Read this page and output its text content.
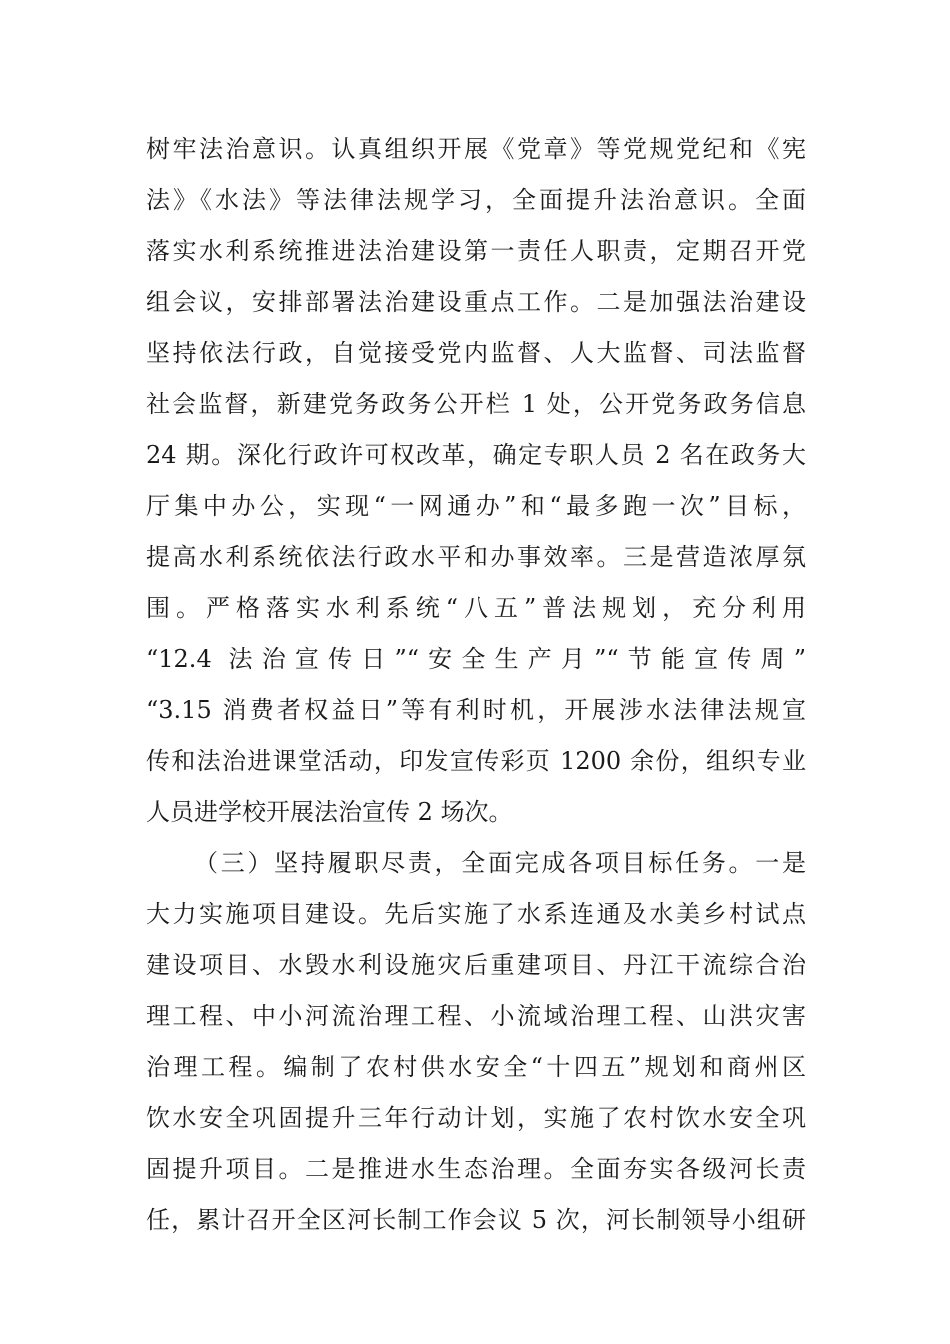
树牢法治意识。认真组织开展《党章》等党规党纪和《宪
法》《水法》等法律法规学习，全面提升法治意识。全面
落实水利系统推进法治建设第一责任人职责，定期召开党
组会议，安排部署法治建设重点工作。二是加强法治建设
坚持依法行政，自觉接受党内监督、人大监督、司法监督
社会监督，新建党务政务公开栏 1 处，公开党务政务信息
24 期。深化行政许可权改革，确定专职人员 2 名在政务大
厅集中办公，实现“一网通办”和“最多跑一次”目标，
提高水利系统依法行政水平和办事效率。三是营造浓厚氛
围。严格落实水利系统“八五”普法规划，充分利用
“12.4 法治宣传日”“安全生产月”“节能宣传周”
“3.15 消费者权益日”等有利时机，开展涉水法律法规宣
传和法治进课堂活动，印发宣传彩页 1200 余份，组织专业
人员进学校开展法治宣传 2 场次。
（三）坚持履职尽责，全面完成各项目标任务。一是
大力实施项目建设。先后实施了水系连通及水美乡村试点
建设项目、水毁水利设施灾后重建项目、丹江干流综合治
理工程、中小河流治理工程、小流域治理工程、山洪灾害
治理工程。编制了农村供水安全“十四五”规划和商州区
饮水安全巩固提升三年行动计划，实施了农村饮水安全巩
固提升项目。二是推进水生态治理。全面夯实各级河长责
任，累计召开全区河长制工作会议 5 次，河长制领导小组研
